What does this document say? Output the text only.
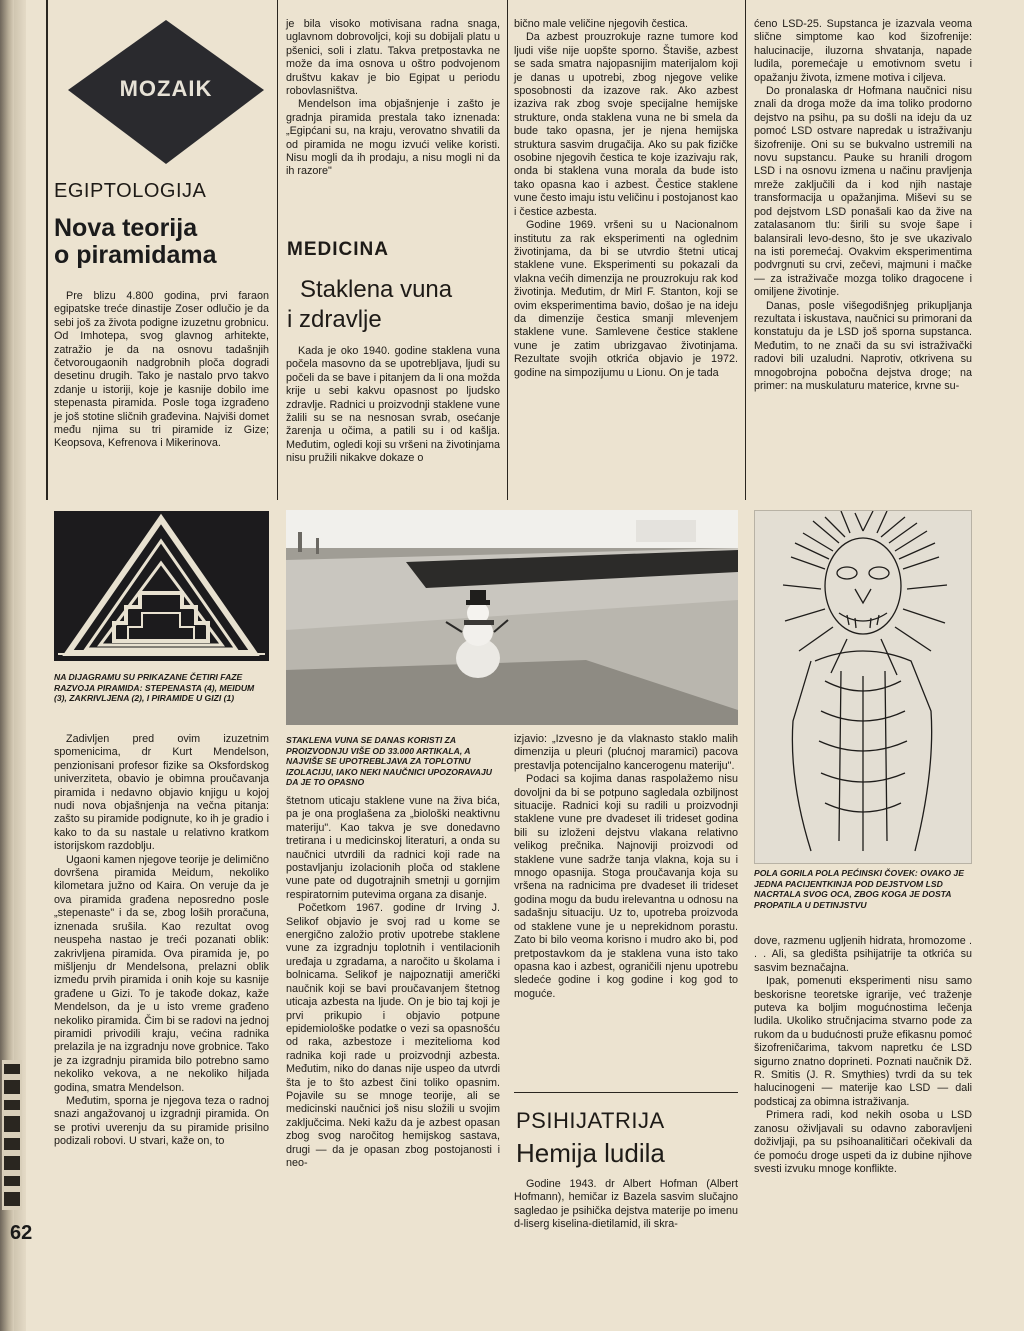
MOZAIK
EGIPTOLOGIJA
Nova teorija
o piramidama

Pre blizu 4.800 godina, prvi faraon egipatske treće dinastije Zoser odlučio je da sebi još za života podigne izuzetnu grobnicu. Od Imhotepa, svog glavnog arhitekte, zatražio je da na osnovu tadašnjih četvorougaonih nadgrobnih ploča dogradi desetinu drugih. Tako je nastalo prvo takvo zdanje u istoriji, koje je kasnije dobilo ime stepenasta piramida. Posle toga izgrađeno je još stotine sličnih građevina. Najviši domet među njima su tri piramide iz Gize; Keopsova, Kefrenova i Mikerinova.

je bila visoko motivisana radna snaga, uglavnom dobrovoljci, koji su dobijali platu u pšenici, soli i zlatu. Takva pretpostavka ne može da ima osnova u oštro podvojenom društvu kakav je bio Egipat u periodu robovlasništva.

Mendelson ima objašnjenje i zašto je gradnja piramida prestala tako iznenada: „Egipćani su, na kraju, verovatno shvatili da od piramida ne mogu izvući velike koristi. Nisu mogli da ih prodaju, a nisu mogli ni da ih razore"

MEDICINA
Staklena vuna
i zdravlje

Kada je oko 1940. godine staklena vuna počela masovno da se upotrebljava, ljudi su počeli da se bave i pitanjem da li ona možda krije u sebi kakvu opasnost po ljudsko zdravlje. Radnici u proizvodnji staklene vune žalili su se na nesnosan svrab, osećanje žarenja u očima, a patili su i od kašlja. Međutim, ogledi koji su vršeni na životinjama nisu pružili nikakve dokaze o

bično male veličine njegovih čestica.

Da azbest prouzrokuje razne tumore kod ljudi više nije uopšte sporno. Štaviše, azbest se sada smatra najopasnijim materijalom koji je danas u upotrebi, zbog njegove velike sposobnosti da izazove rak. Ako azbest izaziva rak zbog svoje specijalne hemijske strukture, onda staklena vuna ne bi smela da bude tako opasna, jer je njena hemijska struktura sasvim drugačija. Ako su pak fizičke osobine njegovih čestica te koje izazivaju rak, onda bi staklena vuna morala da bude isto tako opasna kao i azbest. Čestice staklene vune često imaju istu veličinu i postojanost kao i čestice azbesta.

Godine 1969. vršeni su u Nacionalnom institutu za rak eksperimenti na oglednim životinjama, da bi se utvrdio štetni uticaj staklene vune. Eksperimenti su pokazali da vlakna većih dimenzija ne prouzrokuju rak kod životinja. Međutim, dr Mirl F. Stanton, koji se ovim eksperimentima bavio, došao je na ideju da dimenzije čestica smanji mlevenjem staklene vune. Samlevene čestice staklene vune je zatim ubrizgavao životinjama. Rezultate svojih otkrića objavio je 1972. godine na simpozijumu u Lionu. On je tada

ćeno LSD-25. Supstanca je izazvala veoma slične simptome kao kod šizofrenije: halucinacije, iluzorna shvatanja, napade ludila, poremećaje u emotivnom svetu i opažanju života, izmene motiva i ciljeva.

Do pronalaska dr Hofmana naučnici nisu znali da droga može da ima toliko prodorno dejstvo na psihu, pa su došli na ideju da uz pomoć LSD ostvare napredak u istraživanju šizofrenije. Oni su se bukvalno ustremili na novu supstancu. Pauke su hranili drogom LSD i na osnovu izmena u načinu pravljenja mreže zaključili da i kod njih nastaje transformacija u opažanjima. Miševi su se pod dejstvom LSD ponašali kao da žive na zatalasanom tlu: širili su svoje šape i balansirali levo-desno, što je sve ukazivalo na isti poremećaj. Ovakvim eksperimentima podvrgnuti su crvi, zečevi, majmuni i mačke — za istraživače mozga toliko dragocene i omiljene životinje.

Danas, posle višegodišnjeg prikupljanja rezultata i iskustava, naučnici su primorani da konstatuju da je LSD još sporna supstanca. Međutim, to ne znači da su svi istraživački radovi bili uzaludni. Naprotiv, otkrivena su mnogobrojna pobočna dejstva droge; na primer: na muskulaturu materice, krvne su-

NA DIJAGRAMU SU PRIKAZANE ČETIRI FAZE RAZVOJA PIRAMIDA: STEPENASTA (4), MEIDUM (3), ZAKRIVLJENA (2), I PIRAMIDE U GIZI (1)
STAKLENA VUNA SE DANAS KORISTI ZA PROIZVODNJU VIŠE OD 33.000 ARTIKALA, A NAJVIŠE SE UPOTREBLJAVA ZA TOPLOTNU IZOLACIJU, IAKO NEKI NAUČNICI UPOZORAVAJU DA JE TO OPASNO
POLA GORILA POLA PEĆINSKI ČOVEK: OVAKO JE JEDNA PACIJENTKINJA POD DEJSTVOM LSD NACRTALA SVOG OCA, ZBOG KOGA JE DOSTA PROPATILA U DETINJSTVU

Zadivljen pred ovim izuzetnim spomenicima, dr Kurt Mendelson, penzionisani profesor fizike sa Oksfordskog univerziteta, obavio je obimna proučavanja piramida i nedavno objavio knjigu u kojoj nudi nova objašnjenja na večna pitanja: zašto su piramide podignute, ko ih je gradio i kako to da su nastale u relativno kratkom istorijskom razdoblju.

Ugaoni kamen njegove teorije je delimično dovršena piramida Meidum, nekoliko kilometara južno od Kaira. On veruje da je ova piramida građena neposredno posle „stepenaste" i da se, zbog loših proračuna, iznenada srušila. Kao rezultat ovog neuspeha nastao je treći pozanati oblik: zakrivljena piramida. Ova piramida je, po mišljenju dr Mendelsona, prelazni oblik između prvih piramida i onih koje su kasnije građene u Gizi. To je takođe dokaz, kaže Mendelson, da je u isto vreme građeno nekoliko piramida. Čim bi se radovi na jednoj piramidi privodili kraju, većina radnika prelazila je na izgradnju nove grobnice. Tako je za izgradnju piramida bilo potrebno samo nekoliko vekova, a ne nekoliko hiljada godina, smatra Mendelson.

Međutim, sporna je njegova teza o radnoj snazi angažovanoj u izgradnji piramida. On se protivi uverenju da su piramide prisilno podizali robovi. U stvari, kaže on, to

štetnom uticaju staklene vune na živa bića, pa je ona proglašena za „biološki neaktivnu materiju". Kao takva je sve donedavno tretirana i u medicinskoj literaturi, a onda su naučnici utvrdili da radnici koji rade na postavljanju izolacionih ploča od staklene vune pate od dugotrajnih smetnji u gornjim respiratornim putevima organa za disanje.

Početkom 1967. godine dr Irving J. Selikof objavio je svoj rad u kome se energično založio protiv upotrebe staklene vune za izgradnju toplotnih i ventilacionih uređaja u zgradama, a naročito u školama i bolnicama. Selikof je najpoznatiji američki naučnik koji se bavi proučavanjem štetnog uticaja azbesta na ljude. On je bio taj koji je prvi prikupio i objavio potpune epidemiološke podatke o vezi sa opasnošću od raka, azbestoze i mezitelioma kod radnika koji rade u proizvodnji azbesta. Međutim, niko do danas nije uspeo da utvrdi šta je to što azbest čini toliko opasnim. Pojavile su se mnoge teorije, ali se medicinski naučnici još nisu složili u svojim zaključcima. Neki kažu da je azbest opasan zbog svog naročitog hemijskog sastava, drugi — da je opasan zbog postojanosti i neo-

izjavio: „Izvesno je da vlaknasto staklo malih dimenzija u pleuri (plućnoj maramici) pacova prestavlja potencijalno kancerogenu materiju".

Podaci sa kojima danas raspolažemo nisu dovoljni da bi se potpuno sagledala ozbiljnost situacije. Radnici koji su radili u proizvodnji staklene vune pre dvadeset ili trideset godina bili su izloženi dejstvu vlakana relativno velikog prečnika. Najnoviji proizvodi od staklene vune sadrže tanja vlakna, koja su i mnogo opasnija. Stoga proučavanja koja su vršena na radnicima pre dvadeset ili trideset godina mogu da budu irelevantna u odnosu na sadašnju situaciju. Uz to, upotreba proizvoda od staklene vune je u neprekidnom porastu. Zato bi bilo veoma korisno i mudro ako bi, pod pretpostavkom da je staklena vuna isto tako opasna kao i azbest, ograničili njenu upotrebu sledeće godine i kog godine i kog god to moguće.

PSIHIJATRIJA
Hemija ludila

Godine 1943. dr Albert Hofman (Albert Hofmann), hemičar iz Bazela sasvim slučajno sagledao je psihička dejstva materije po imenu d-liserg kiselina-dietilamid, ili skra-

dove, razmenu ugljenih hidrata, hromozome . . . Ali, sa gledišta psihijatrije ta otkrića su sasvim beznačajna.

Ipak, pomenuti eksperimenti nisu samo beskorisne teoretske igrarije, već traženje puteva ka boljim mogućnostima lečenja ludila. Ukoliko stručnjacima stvarno pode za rukom da u budućnosti pruže efikasnu pomoć šizofreničarima, takvom napretku će LSD sigurno znatno doprineti. Poznati naučnik Dž. R. Smitis (J. R. Smythies) tvrdi da su tek halucinogeni — materije kao LSD — dali podsticaj za obimna istraživanja.

Primera radi, kod nekih osoba u LSD zanosu oživljavali su odavno zaboravljeni doživljaji, pa su psihoanalitičari očekivali da će pomoću droge uspeti da iz dubine njihove svesti izvuku mnoge konflikte.

62
